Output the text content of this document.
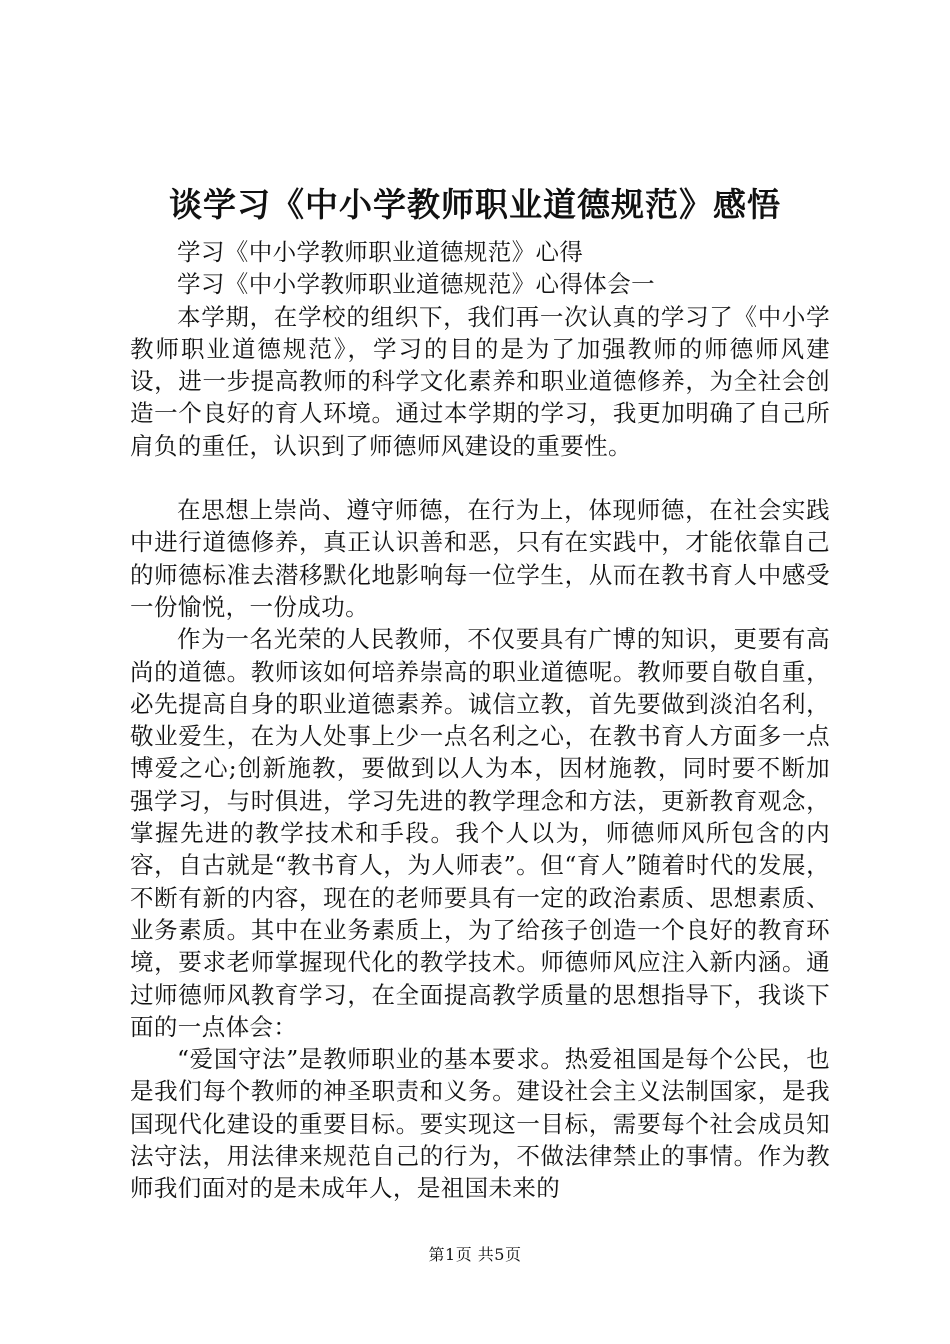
谈学习《中小学教师职业道德规范》感悟

学习《中小学教师职业道德规范》心得

学习《中小学教师职业道德规范》心得体会一

本学期，在学校的组织下，我们再一次认真的学习了《中小学教师职业道德规范》，学习的目的是为了加强教师的师德师风建设，进一步提高教师的科学文化素养和职业道德修养，为全社会创造一个良好的育人环境。通过本学期的学习，我更加明确了自己所肩负的重任，认识到了师德师风建设的重要性。

在思想上崇尚、遵守师德，在行为上，体现师德，在社会实践中进行道德修养，真正认识善和恶，只有在实践中，才能依靠自己的师德标准去潜移默化地影响每一位学生，从而在教书育人中感受一份愉悦，一份成功。

作为一名光荣的人民教师，不仅要具有广博的知识，更要有高尚的道德。教师该如何培养崇高的职业道德呢。教师要自敬自重，必先提高自身的职业道德素养。诚信立教，首先要做到淡泊名利，敬业爱生，在为人处事上少一点名利之心，在教书育人方面多一点博爱之心;创新施教，要做到以人为本，因材施教，同时要不断加强学习，与时俱进，学习先进的教学理念和方法，更新教育观念，掌握先进的教学技术和手段。我个人以为，师德师风所包含的内容，自古就是“教书育人，为人师表”。但“育人”随着时代的发展，不断有新的内容，现在的老师要具有一定的政治素质、思想素质、业务素质。其中在业务素质上，为了给孩子创造一个良好的教育环境，要求老师掌握现代化的教学技术。师德师风应注入新内涵。通过师德师风教育学习，在全面提高教学质量的思想指导下，我谈下面的一点体会：

“爱国守法”是教师职业的基本要求。热爱祖国是每个公民，也是我们每个教师的神圣职责和义务。建设社会主义法制国家，是我国现代化建设的重要目标。要实现这一目标，需要每个社会成员知法守法，用法律来规范自己的行为，不做法律禁止的事情。作为教师我们面对的是未成年人，是祖国未来的

第1页 共5页
